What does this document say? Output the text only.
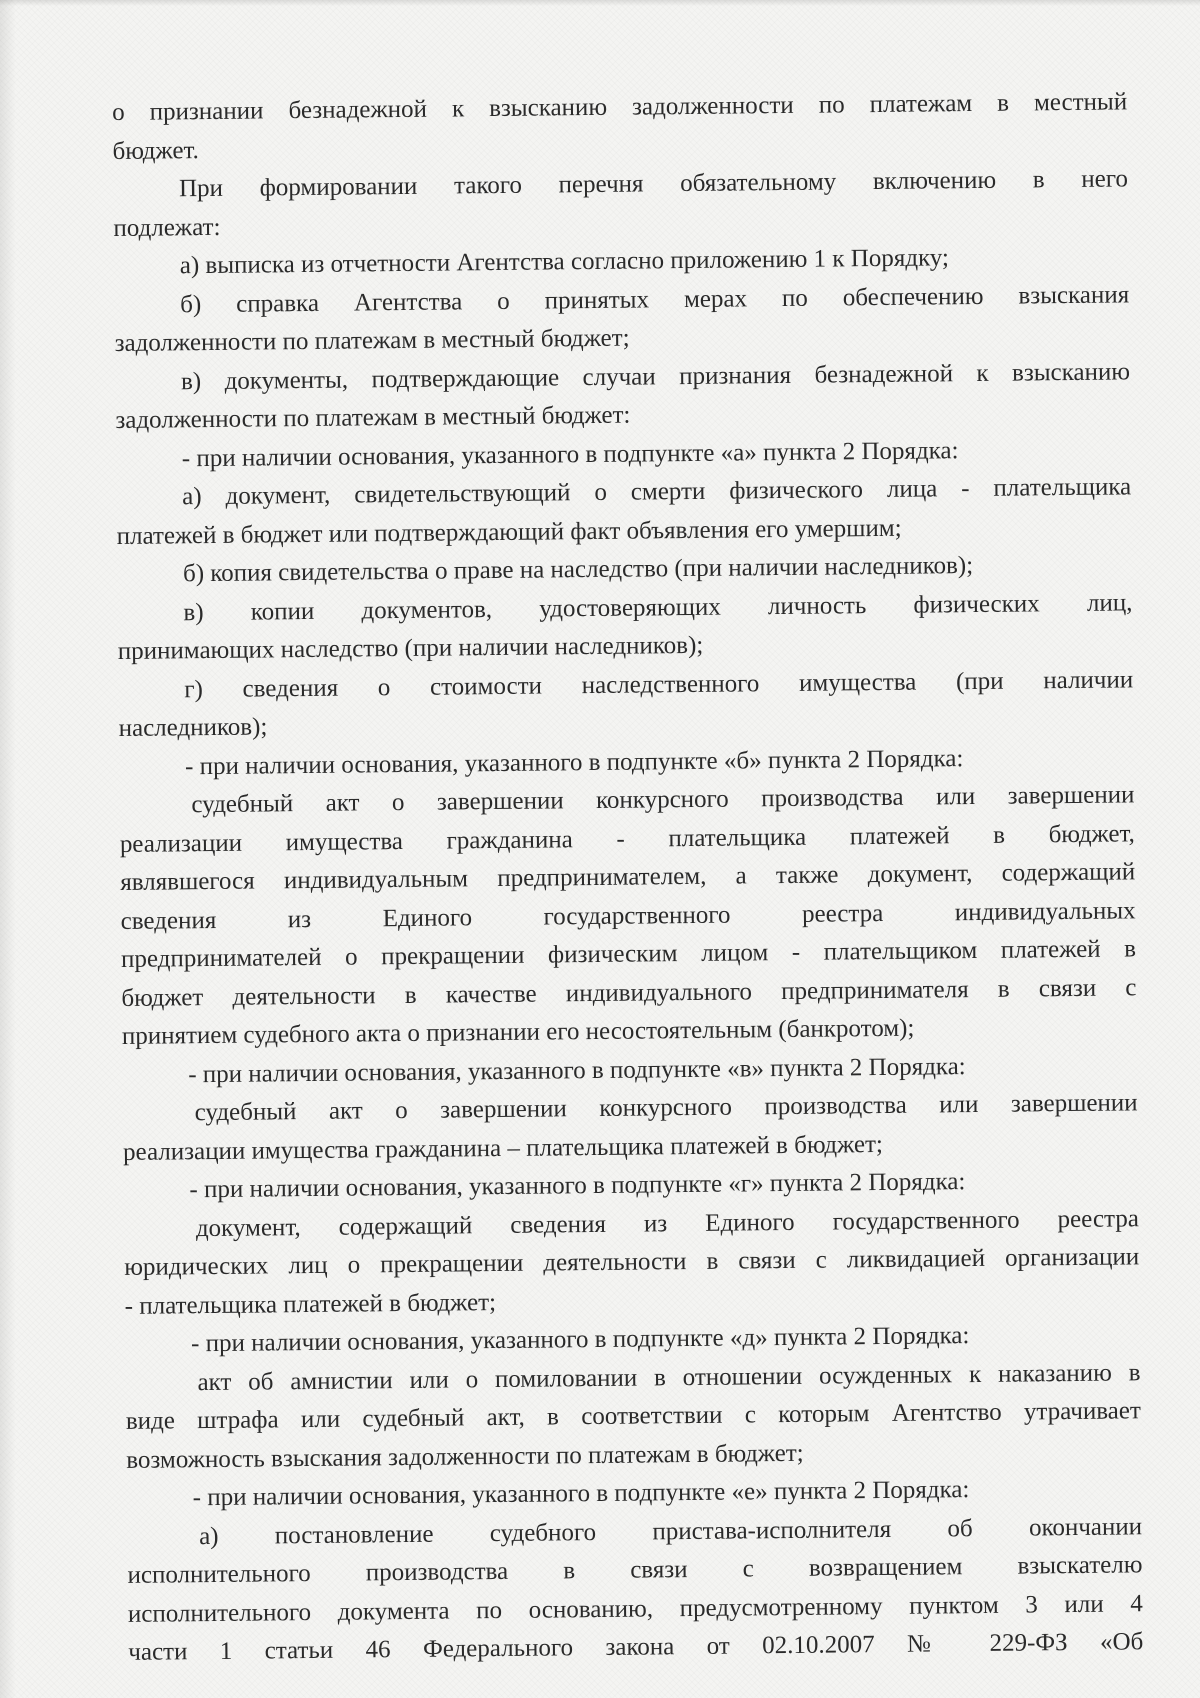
о признании безнадежной к взысканию задолженности по платежам в местный
бюджет.
При формировании такого перечня обязательному включению в него
подлежат:
а) выписка из отчетности Агентства согласно приложению 1 к Порядку;
б) справка Агентства о принятых мерах по обеспечению взыскания
задолженности по платежам в местный бюджет;
в) документы, подтверждающие случаи признания безнадежной к взысканию
задолженности по платежам в местный бюджет:
- при наличии основания, указанного в подпункте «а» пункта 2 Порядка:
а) документ, свидетельствующий о смерти физического лица - плательщика
платежей в бюджет или подтверждающий факт объявления его умершим;
б) копия свидетельства о праве на наследство (при наличии наследников);
в) копии документов, удостоверяющих личность физических лиц,
принимающих наследство (при наличии наследников);
г) сведения о стоимости наследственного имущества (при наличии
наследников);
- при наличии основания, указанного в подпункте «б» пункта 2 Порядка:
судебный акт о завершении конкурсного производства или завершении
реализации имущества гражданина - плательщика платежей в бюджет,
являвшегося индивидуальным предпринимателем, а также документ, содержащий
сведения из Единого государственного реестра индивидуальных
предпринимателей о прекращении физическим лицом - плательщиком платежей в
бюджет деятельности в качестве индивидуального предпринимателя в связи с
принятием судебного акта о признании его несостоятельным (банкротом);
- при наличии основания, указанного в подпункте «в» пункта 2 Порядка:
судебный акт о завершении конкурсного производства или завершении
реализации имущества гражданина – плательщика платежей в бюджет;
- при наличии основания, указанного в подпункте «г» пункта 2 Порядка:
документ, содержащий сведения из Единого государственного реестра
юридических лиц о прекращении деятельности в связи с ликвидацией организации
- плательщика платежей в бюджет;
- при наличии основания, указанного в подпункте «д» пункта 2 Порядка:
акт об амнистии или о помиловании в отношении осужденных к наказанию в
виде штрафа или судебный акт, в соответствии с которым Агентство утрачивает
возможность взыскания задолженности по платежам в бюджет;
- при наличии основания, указанного в подпункте «е» пункта 2 Порядка:
а) постановление судебного пристава-исполнителя об окончании
исполнительного производства в связи с возвращением взыскателю
исполнительного документа по основанию, предусмотренному пунктом 3 или 4
части 1 статьи 46 Федерального закона от 02.10.2007 № 229-ФЗ «Об
